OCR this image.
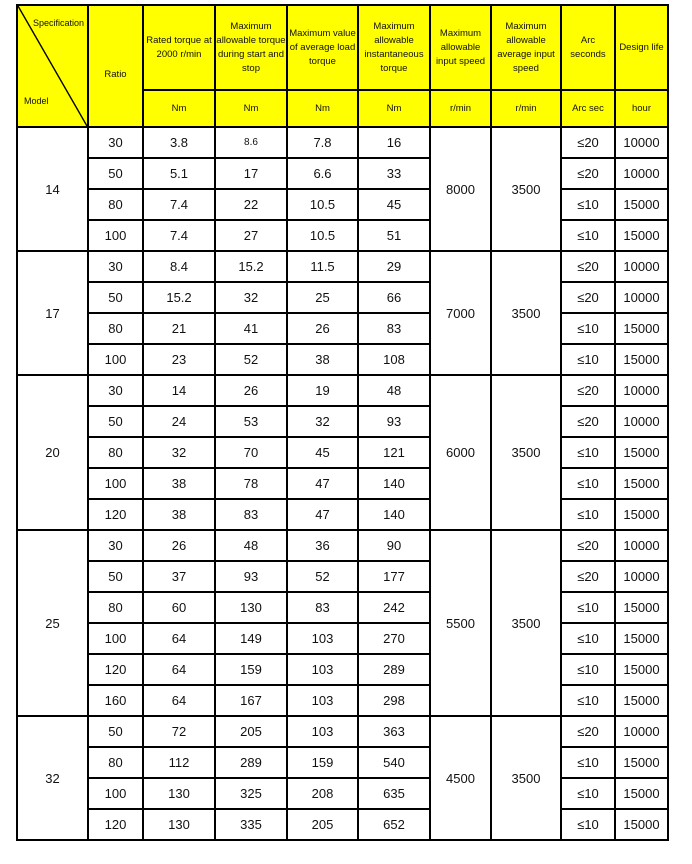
Specification
Model	Ratio	Rated torque at 2000 r/min	Maximum allowable torque during start and stop	Maximum value of average load torque	Maximum allowable instantaneous torque	Maximum allowable input speed	Maximum allowable average input speed	Arc seconds	Design life
		Nm	Nm	Nm	Nm	r/min	r/min	Arc sec	hour
14	30	3.8	8.6	7.8	16	8000	3500	≤20	10000
	50	5.1	17	6.6	33			≤20	10000
	80	7.4	22	10.5	45			≤10	15000
	100	7.4	27	10.5	51			≤10	15000
17	30	8.4	15.2	11.5	29	7000	3500	≤20	10000
	50	15.2	32	25	66			≤20	10000
	80	21	41	26	83			≤10	15000
	100	23	52	38	108			≤10	15000
20	30	14	26	19	48	6000	3500	≤20	10000
	50	24	53	32	93			≤20	10000
	80	32	70	45	121			≤10	15000
	100	38	78	47	140			≤10	15000
	120	38	83	47	140			≤10	15000
25	30	26	48	36	90	5500	3500	≤20	10000
	50	37	93	52	177			≤20	10000
	80	60	130	83	242			≤10	15000
	100	64	149	103	270			≤10	15000
	120	64	159	103	289			≤10	15000
	160	64	167	103	298			≤10	15000
32	50	72	205	103	363	4500	3500	≤20	10000
	80	112	289	159	540			≤10	15000
	100	130	325	208	635			≤10	15000
	120	130	335	205	652			≤10	15000
